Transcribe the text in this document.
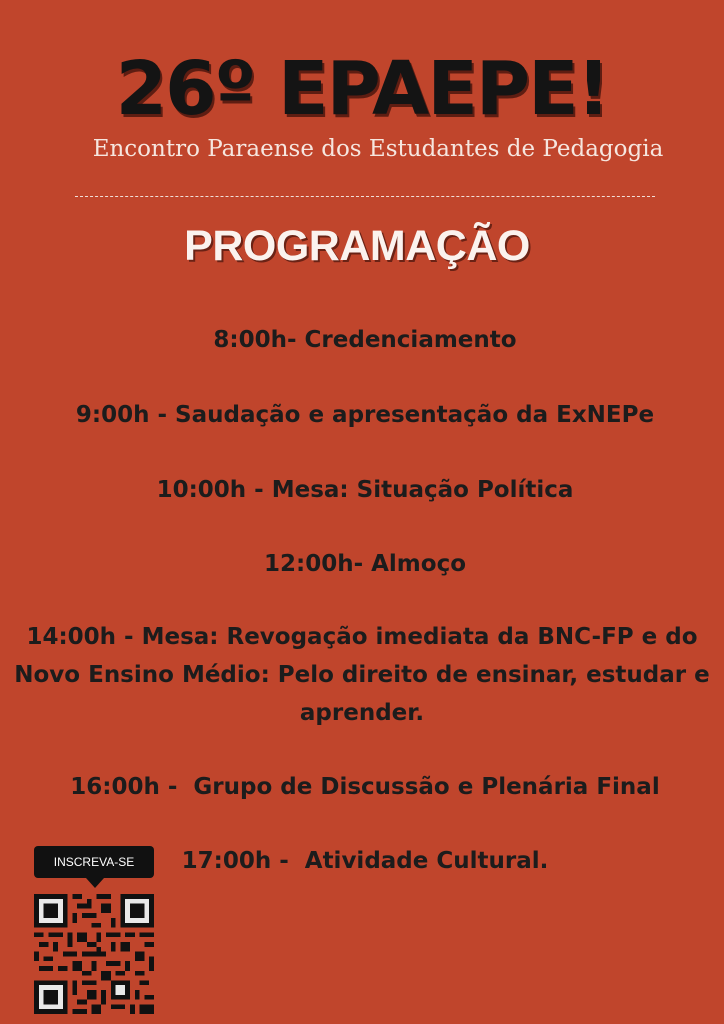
26º EPAEPE!
Encontro Paraense dos Estudantes de Pedagogia
PROGRAMAÇÃO
8:00h- Credenciamento
9:00h - Saudação e apresentação da ExNEPe
10:00h - Mesa: Situação Política
12:00h- Almoço
14:00h - Mesa: Revogação imediata da BNC-FP e do Novo Ensino Médio: Pelo direito de ensinar, estudar e aprender.
16:00h -  Grupo de Discussão e Plenária Final
17:00h -  Atividade Cultural.
INSCREVA-SE
